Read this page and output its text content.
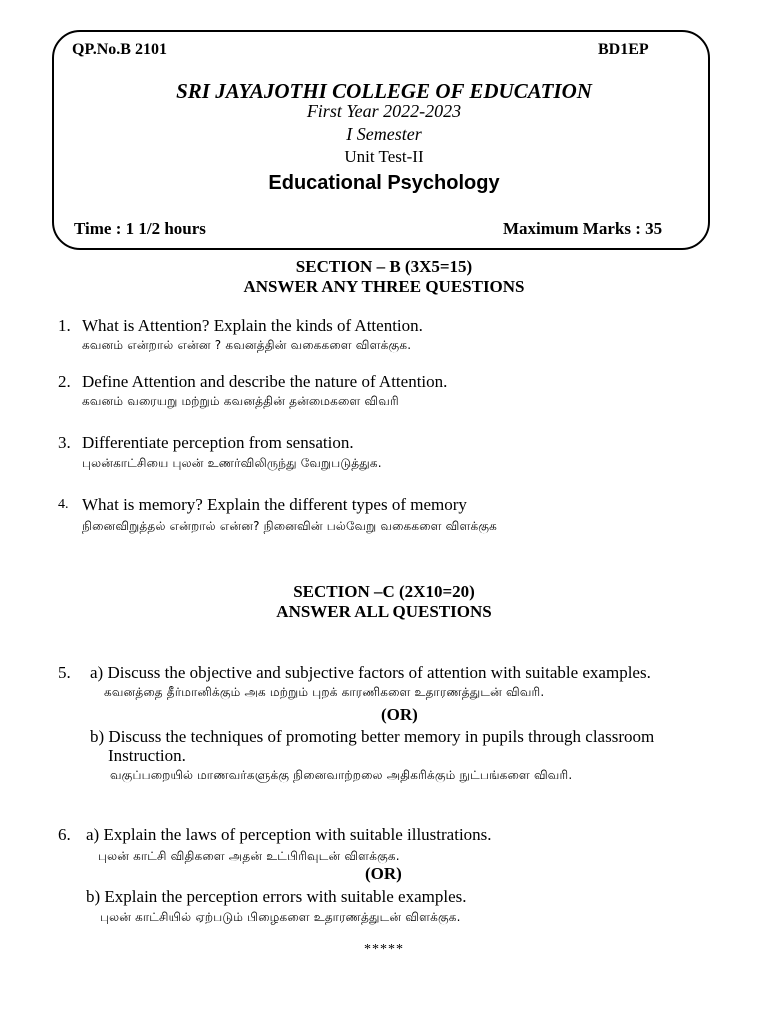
QP.No.B 2101	BD1EP
SRI JAYAJOTHI COLLEGE OF EDUCATION
First Year 2022-2023
I Semester
Unit Test-II
Educational Psychology
Time : 1 1/2 hours	Maximum Marks : 35
SECTION – B (3X5=15)
ANSWER ANY THREE QUESTIONS
1. What is Attention? Explain the kinds of Attention.
கவனம் என்றால் என்ன ? கவனத்தின் வகைகளை விளக்குக.
2. Define Attention and describe the nature of Attention.
கவனம் வரையறு மற்றும் கவனத்தின் தன்மைகளை விவரி
3. Differentiate perception from sensation.
புலன்காட்சியை புலன் உணர்விலிருந்து வேறுபடுத்துக.
4. What is memory? Explain the different types of memory
நினைவிறுத்தல் என்றால் என்ன? நினைவின் பல்வேறு வகைகளை விளக்குக
SECTION –C (2X10=20)
ANSWER ALL QUESTIONS
5. a) Discuss the objective and subjective factors of attention with suitable examples.
கவனத்தை தீர்மானிக்கும் அக மற்றும் புறக் காரணிகளை உதாரணத்துடன் விவரி.
(OR)
b) Discuss the techniques of promoting better memory in pupils through classroom
Instruction.
வகுப்பறையில் மாணவர்களுக்கு நினைவாற்றலை அதிகரிக்கும் நுட்பங்களை விவரி.
6. a) Explain the laws of perception with suitable illustrations.
புலன் காட்சி விதிகளை அதன் உட்பிரிவுடன் விளக்குக.
(OR)
b) Explain the perception errors with suitable examples.
புலன் காட்சியில் ஏற்படும் பிழைகளை உதாரணத்துடன் விளக்குக.
*****
